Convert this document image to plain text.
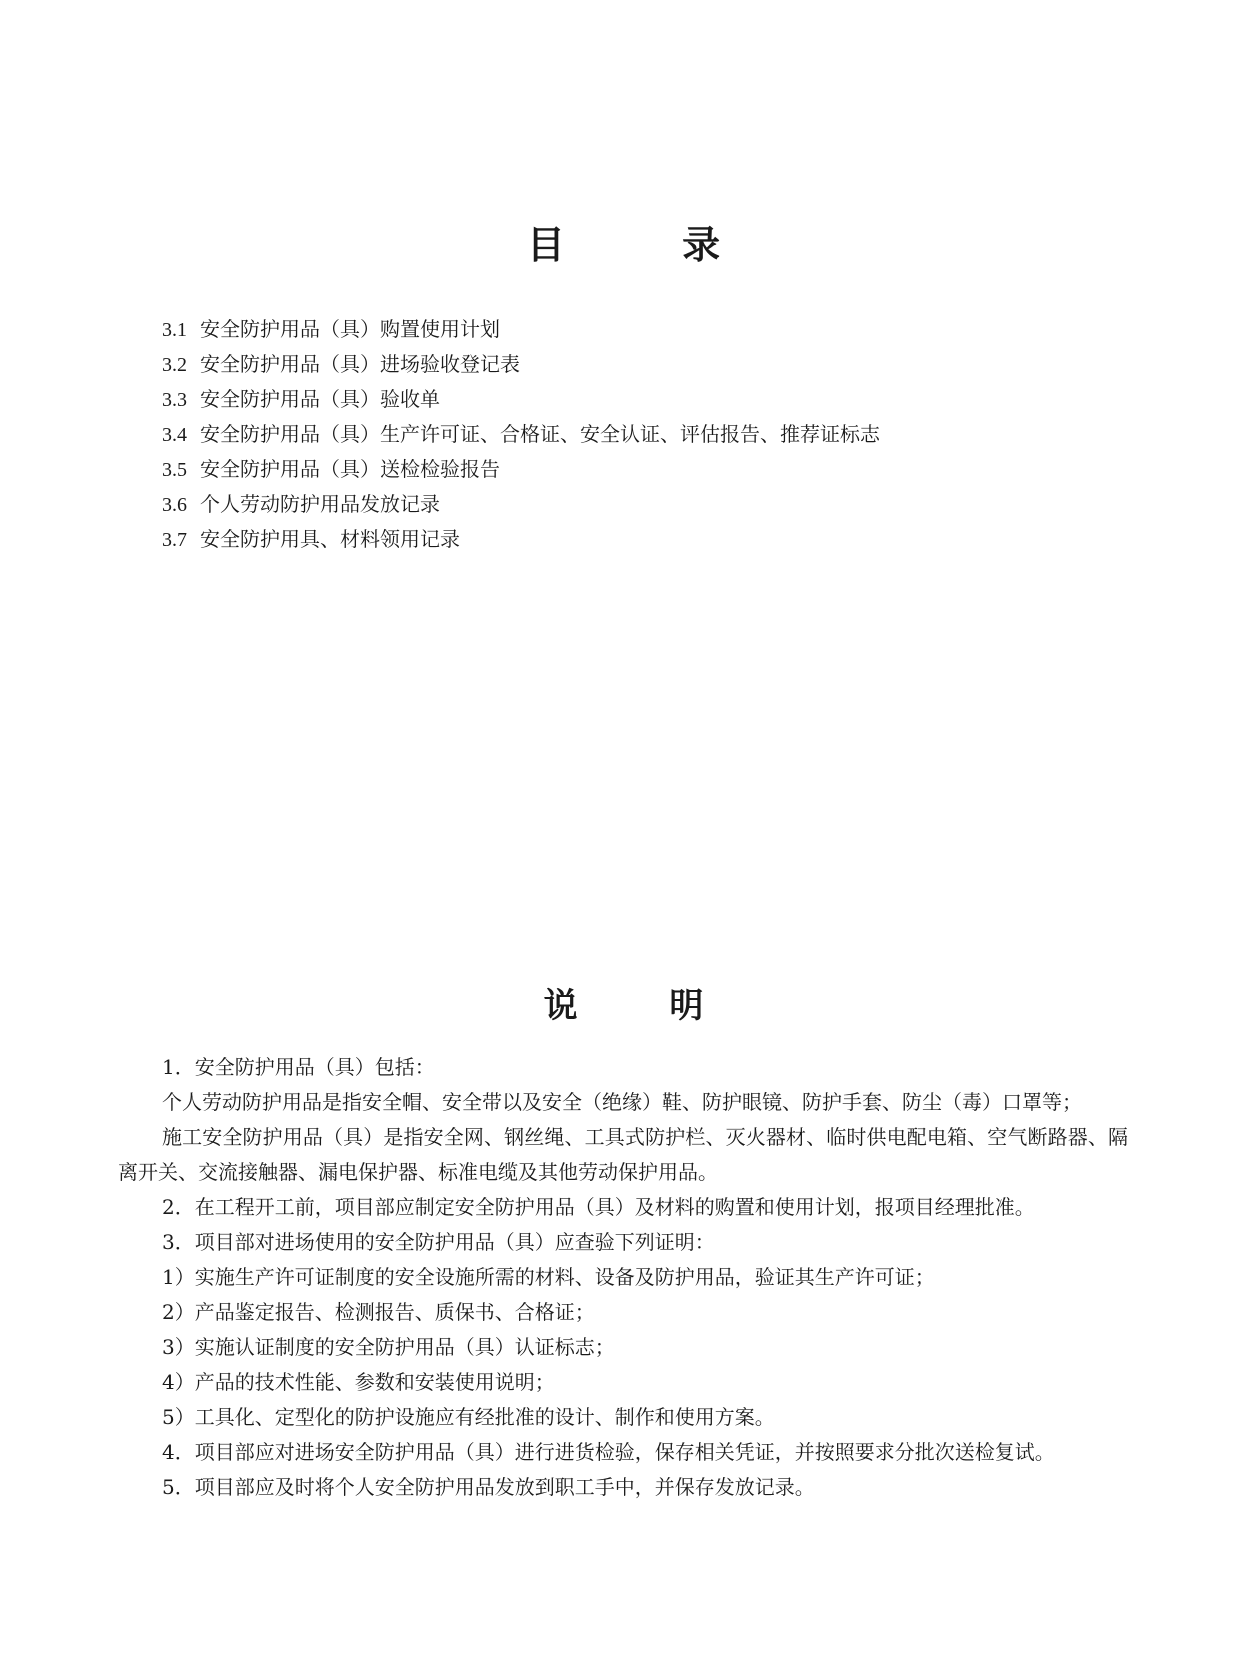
目 录
3.1 安全防护用品（具）购置使用计划
3.2 安全防护用品（具）进场验收登记表
3.3 安全防护用品（具）验收单
3.4 安全防护用品（具）生产许可证、合格证、安全认证、评估报告、推荐证标志
3.5 安全防护用品（具）送检检验报告
3.6 个人劳动防护用品发放记录
3.7 安全防护用具、材料领用记录
说 明

1．安全防护用品（具）包括：

个人劳动防护用品是指安全帽、安全带以及安全（绝缘）鞋、防护眼镜、防护手套、防尘（毒）口罩等；

施工安全防护用品（具）是指安全网、钢丝绳、工具式防护栏、灭火器材、临时供电配电箱、空气断路器、隔离开关、交流接触器、漏电保护器、标准电缆及其他劳动保护用品。

2．在工程开工前，项目部应制定安全防护用品（具）及材料的购置和使用计划，报项目经理批准。

3．项目部对进场使用的安全防护用品（具）应查验下列证明：

1）实施生产许可证制度的安全设施所需的材料、设备及防护用品，验证其生产许可证；

2）产品鉴定报告、检测报告、质保书、合格证；

3）实施认证制度的安全防护用品（具）认证标志；

4）产品的技术性能、参数和安装使用说明；

5）工具化、定型化的防护设施应有经批准的设计、制作和使用方案。

4．项目部应对进场安全防护用品（具）进行进货检验，保存相关凭证，并按照要求分批次送检复试。

5．项目部应及时将个人安全防护用品发放到职工手中，并保存发放记录。
